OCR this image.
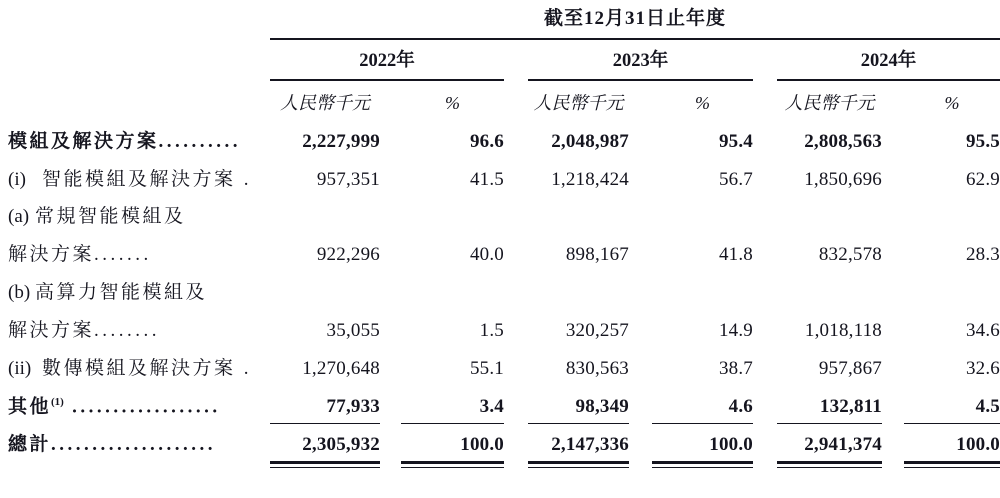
截至12月31日止年度
2022年	2023年	2024年
人民幣千元	%	人民幣千元	%	人民幣千元	%
模組及解決方案..........	2,227,999	96.6	2,048,987	95.4	2,808,563	95.5
(i) 智能模組及解決方案 .	957,351	41.5	1,218,424	56.7	1,850,696	62.9
(a) 常規智能模組及
解決方案.......	922,296	40.0	898,167	41.8	832,578	28.3
(b) 高算力智能模組及
解決方案........	35,055	1.5	320,257	14.9	1,018,118	34.6
(ii) 數傳模組及解決方案 .	1,270,648	55.1	830,563	38.7	957,867	32.6
其他$^{(1)}$ ..................	77,933	3.4	98,349	4.6	132,811	4.5
總計....................	2,305,932	100.0	2,147,336	100.0	2,941,374	100.0
